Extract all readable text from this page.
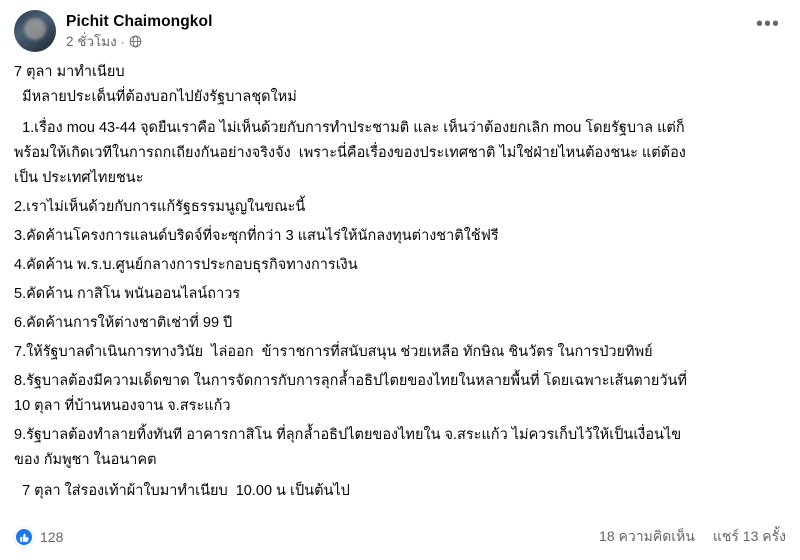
Pichit Chaimongkol
2 ชั่วโมง ·
•••

7 ตุลา มาทำเนียบ

มีหลายประเด็นที่ต้องบอกไปยังรัฐบาลชุดใหม่

1.เรื่อง mou 43-44 จุดยืนเราคือ ไม่เห็นด้วยกับการทำประชามติ และ เห็นว่าต้องยกเลิก mou โดยรัฐบาล แต่ก็

พร้อมให้เกิดเวทีในการถกเถียงกันอย่างจริงจัง  เพราะนี่คือเรื่องของประเทศชาติ ไม่ใช่ฝ่ายไหนต้องชนะ แต่ต้อง

เป็น ประเทศไทยชนะ

2.เราไม่เห็นด้วยกับการแก้รัฐธรรมนูญในขณะนี้

3.คัดค้านโครงการแลนด์บริดจ์ที่จะซุกที่กว่า 3 แสนไร่ให้นักลงทุนต่างชาติใช้ฟรี

4.คัดค้าน พ.ร.บ.ศูนย์กลางการประกอบธุรกิจทางการเงิน

5.คัดค้าน กาสิโน พนันออนไลน์ถาวร

6.คัดค้านการให้ต่างชาติเช่าที่ 99 ปี

7.ให้รัฐบาลดำเนินการทางวินัย  ไล่ออก  ข้าราชการที่สนับสนุน ช่วยเหลือ ทักษิณ ชินวัตร ในการป่วยทิพย์

8.รัฐบาลต้องมีความเด็ดขาด ในการจัดการกับการลุกล้ำอธิปไตยของไทยในหลายพื้นที่ โดยเฉพาะเส้นตายวันที่

10 ตุลา ที่บ้านหนองจาน จ.สระแก้ว

9.รัฐบาลต้องทำลายทิ้งทันที อาคารกาสิโน ที่ลุกล้ำอธิปไตยของไทยใน จ.สระแก้ว ไม่ควรเก็บไว้ให้เป็นเงื่อนไข

ของ กัมพูชา ในอนาคต

7 ตุลา ใส่รองเท้าผ้าใบมาทำเนียบ  10.00 น เป็นต้นไป

128	18 ความคิดเห็น แชร์ 13 ครั้ง
